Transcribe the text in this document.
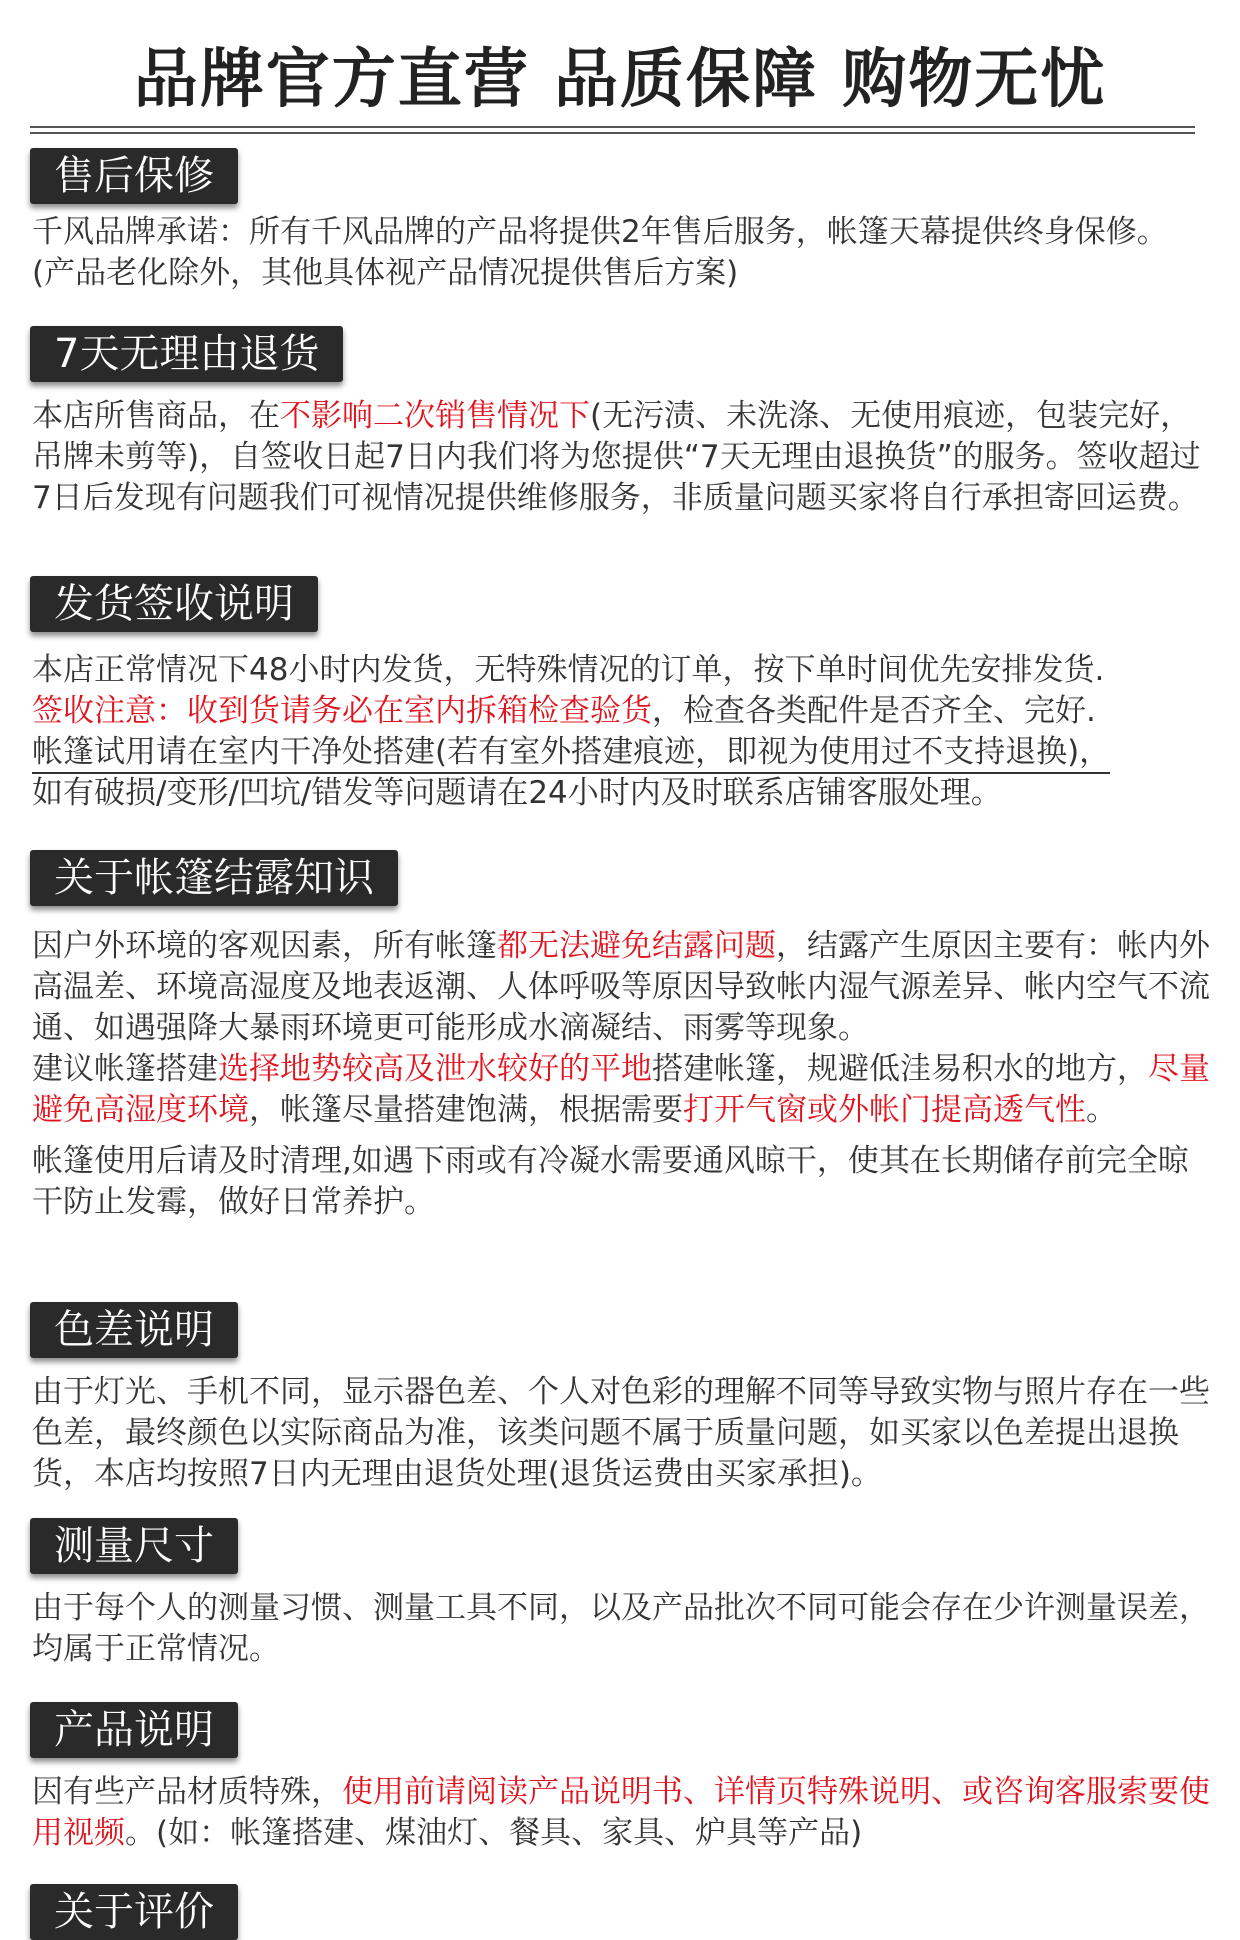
品牌官方直营 品质保障 购物无忧
售后保修
千风品牌承诺：所有千风品牌的产品将提供2年售后服务，帐篷天幕提供终身保修。
(产品老化除外，其他具体视产品情况提供售后方案)
7天无理由退货
本店所售商品，在不影响二次销售情况下(无污渍、未洗涤、无使用痕迹，包装完好，吊牌未剪等)，自签收日起7日内我们将为您提供“7天无理由退换货”的服务。签收超过7日后发现有问题我们可视情况提供维修服务，非质量问题买家将自行承担寄回运费。
发货签收说明
本店正常情况下48小时内发货，无特殊情况的订单，按下单时间优先安排发货.
签收注意：收到货请务必在室内拆箱检查验货，检查各类配件是否齐全、完好.
帐篷试用请在室内干净处搭建(若有室外搭建痕迹，即视为使用过不支持退换)，
如有破损/变形/凹坑/错发等问题请在24小时内及时联系店铺客服处理。
关于帐篷结露知识
因户外环境的客观因素，所有帐篷都无法避免结露问题，结露产生原因主要有：帐内外高温差、环境高湿度及地表返潮、人体呼吸等原因导致帐内湿气源差异、帐内空气不流通、如遇强降大暴雨环境更可能形成水滴凝结、雨雾等现象。
建议帐篷搭建选择地势较高及泄水较好的平地搭建帐篷，规避低洼易积水的地方，尽量避免高湿度环境，帐篷尽量搭建饱满，根据需要打开气窗或外帐门提高透气性。
帐篷使用后请及时清理,如遇下雨或有冷凝水需要通风晾干，使其在长期储存前完全晾干防止发霉，做好日常养护。
色差说明
由于灯光、手机不同，显示器色差、个人对色彩的理解不同等导致实物与照片存在一些色差，最终颜色以实际商品为准，该类问题不属于质量问题，如买家以色差提出退换货，本店均按照7日内无理由退货处理(退货运费由买家承担)。
测量尺寸
由于每个人的测量习惯、测量工具不同，以及产品批次不同可能会存在少许测量误差，均属于正常情况。
产品说明
因有些产品材质特殊，使用前请阅读产品说明书、详情页特殊说明、或咨询客服索要使用视频。(如：帐篷搭建、煤油灯、餐具、家具、炉具等产品)
关于评价
